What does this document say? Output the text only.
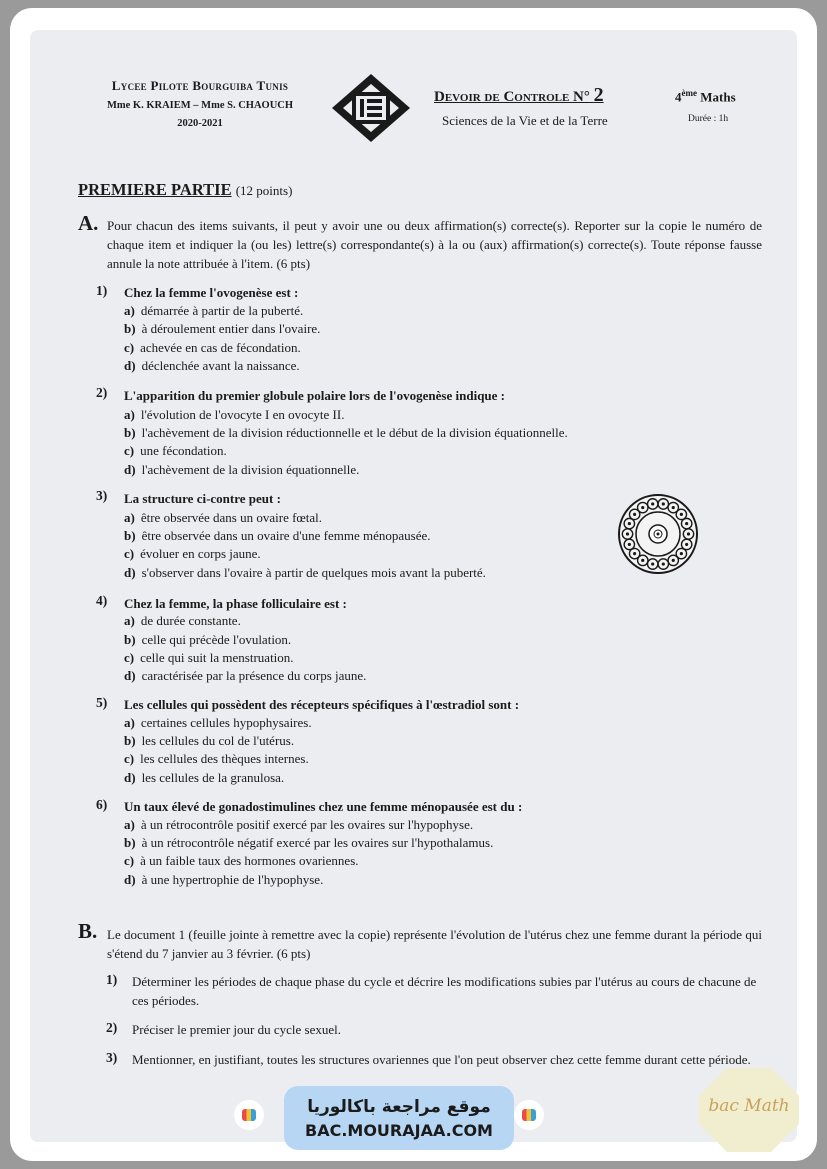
Lycee Pilote Bourguiba Tunis
Mme K. KRAIEM – Mme S. CHAOUCH
2020-2021
Devoir de Controle N° 2
Sciences de la Vie et de la Terre
4ème Maths
Durée : 1h
PREMIERE PARTIE (12 points)
A. Pour chacun des items suivants, il peut y avoir une ou deux affirmation(s) correcte(s). Reporter sur la copie le numéro de chaque item et indiquer la (ou les) lettre(s) correspondante(s) à la ou (aux) affirmation(s) correcte(s). Toute réponse fausse annule la note attribuée à l'item. (6 pts)
1) Chez la femme l'ovogenèse est :
a) démarrée à partir de la puberté.
b) à déroulement entier dans l'ovaire.
c) achevée en cas de fécondation.
d) déclenchée avant la naissance.
2) L'apparition du premier globule polaire lors de l'ovogenèse indique :
a) l'évolution de l'ovocyte I en ovocyte II.
b) l'achèvement de la division réductionnelle et le début de la division équationnelle.
c) une fécondation.
d) l'achèvement de la division équationnelle.
3) La structure ci-contre peut :
a) être observée dans un ovaire fœtal.
b) être observée dans un ovaire d'une femme ménopausée.
c) évoluer en corps jaune.
d) s'observer dans l'ovaire à partir de quelques mois avant la puberté.
4) Chez la femme, la phase folliculaire est :
a) de durée constante.
b) celle qui précède l'ovulation.
c) celle qui suit la menstruation.
d) caractérisée par la présence du corps jaune.
5) Les cellules qui possèdent des récepteurs spécifiques à l'œstradiol sont :
a) certaines cellules hypophysaires.
b) les cellules du col de l'utérus.
c) les cellules des thèques internes.
d) les cellules de la granulosa.
6) Un taux élevé de gonadostimulines chez une femme ménopausée est du :
a) à un rétrocontrôle positif exercé par les ovaires sur l'hypophyse.
b) à un rétrocontrôle négatif exercé par les ovaires sur l'hypothalamus.
c) à un faible taux des hormones ovariennes.
d) à une hypertrophie de l'hypophyse.
B. Le document 1 (feuille jointe à remettre avec la copie) représente l'évolution de l'utérus chez une femme durant la période qui s'étend du 7 janvier au 3 février. (6 pts)
1) Déterminer les périodes de chaque phase du cycle et décrire les modifications subies par l'utérus au cours de chacune de ces périodes.
2) Préciser le premier jour du cycle sexuel.
3) Mentionner, en justifiant, toutes les structures ovariennes que l'on peut observer chez cette femme durant cette période.
موقع مراجعة باكالوريا
BAC.MOURAJAA.COM
bac Math
